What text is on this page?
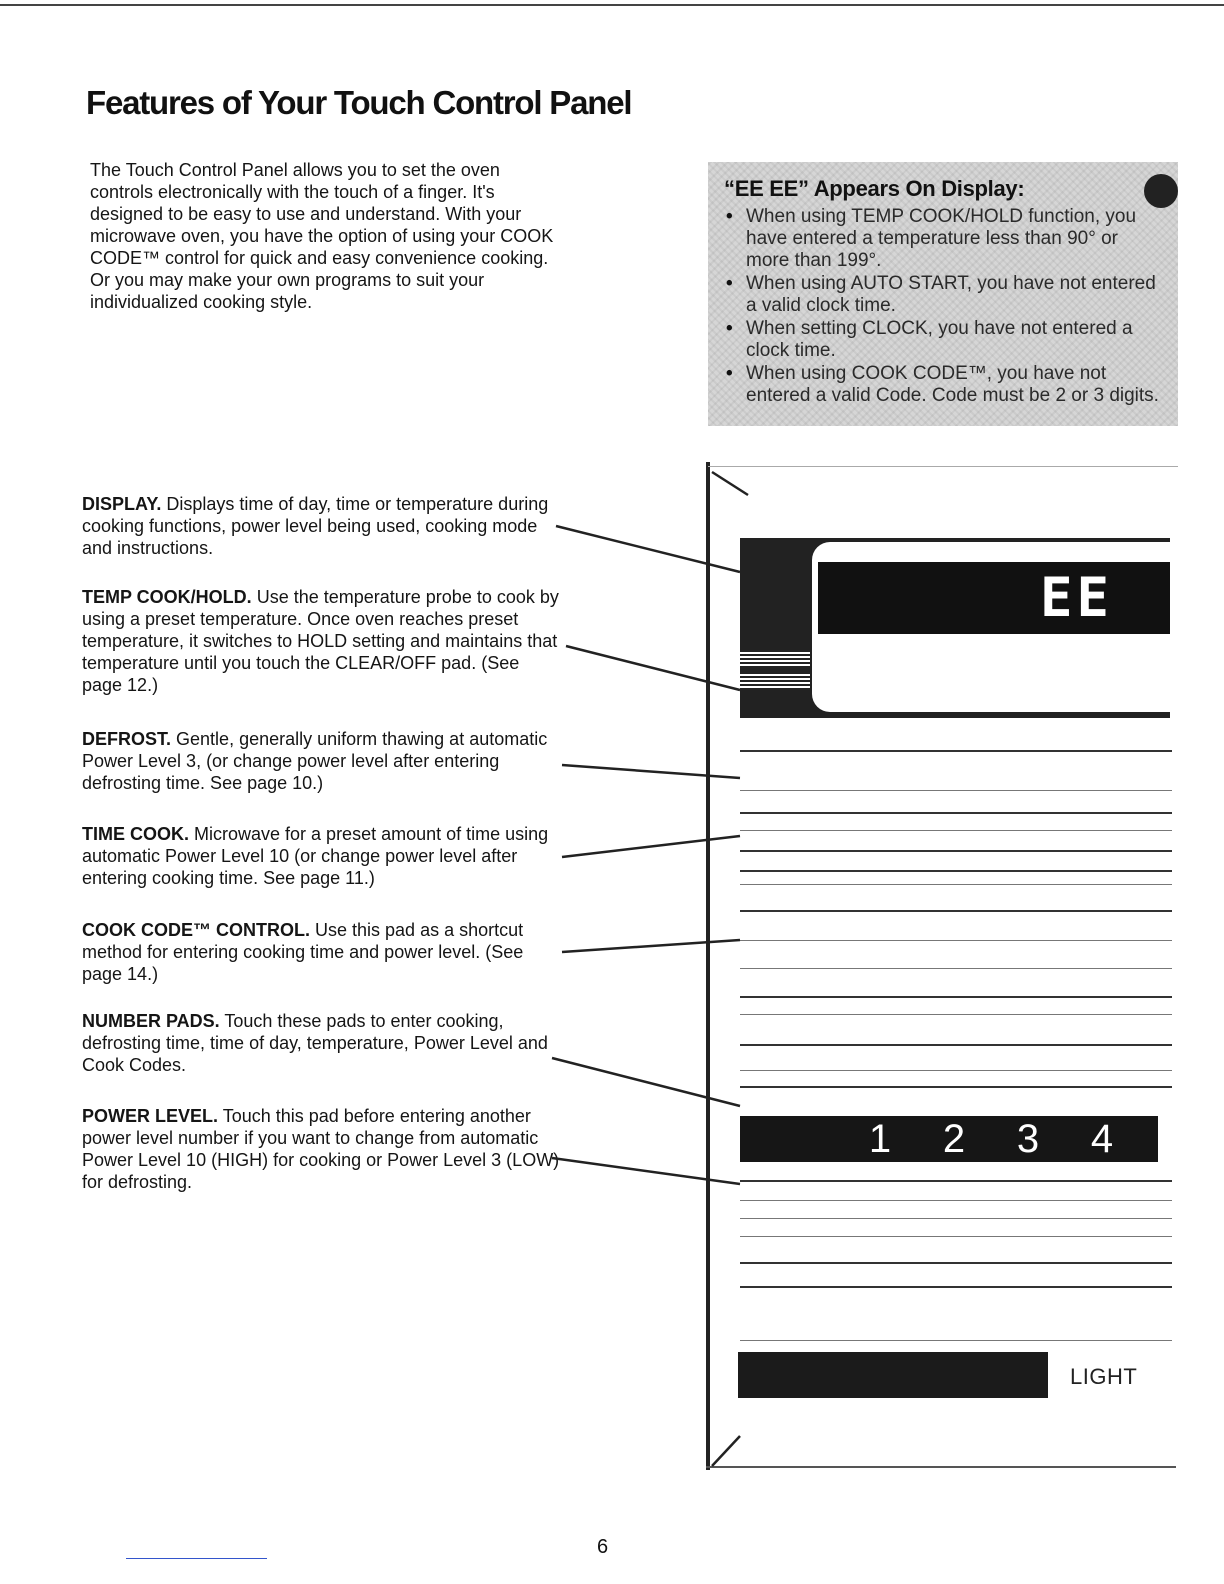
Features of Your Touch Control Panel

The Touch Control Panel allows you to set the oven controls electronically with the touch of a finger. It's designed to be easy to use and understand. With your microwave oven, you have the option of using your COOK CODE™ control for quick and easy convenience cooking. Or you may make your own programs to suit your individualized cooking style.

“EE EE” Appears On Display:

• When using TEMP COOK/HOLD function, you have entered a temperature less than 90° or more than 199°.
• When using AUTO START, you have not entered a valid clock time.
• When setting CLOCK, you have not entered a clock time.
• When using COOK CODE™, you have not entered a valid Code. Code must be 2 or 3 digits.

DISPLAY. Displays time of day, time or temperature during cooking functions, power level being used, cooking mode and instructions.

TEMP COOK/HOLD. Use the temperature probe to cook by using a preset temperature. Once oven reaches preset temperature, it switches to HOLD setting and maintains that temperature until you touch the CLEAR/OFF pad. (See page 12.)

DEFROST. Gentle, generally uniform thawing at automatic Power Level 3, (or change power level after entering defrosting time. See page 10.)

TIME COOK. Microwave for a preset amount of time using automatic Power Level 10 (or change power level after entering cooking time. See page 11.)

COOK CODE™ CONTROL. Use this pad as a shortcut method for entering cooking time and power level. (See page 14.)

NUMBER PADS. Touch these pads to enter cooking, defrosting time, time of day, temperature, Power Level and Cook Codes.

POWER LEVEL. Touch this pad before entering another power level number if you want to change from automatic Power Level 10 (HIGH) for cooking or Power Level 3 (LOW) for defrosting.

EE
1 2 3 4
LIGHT
6
